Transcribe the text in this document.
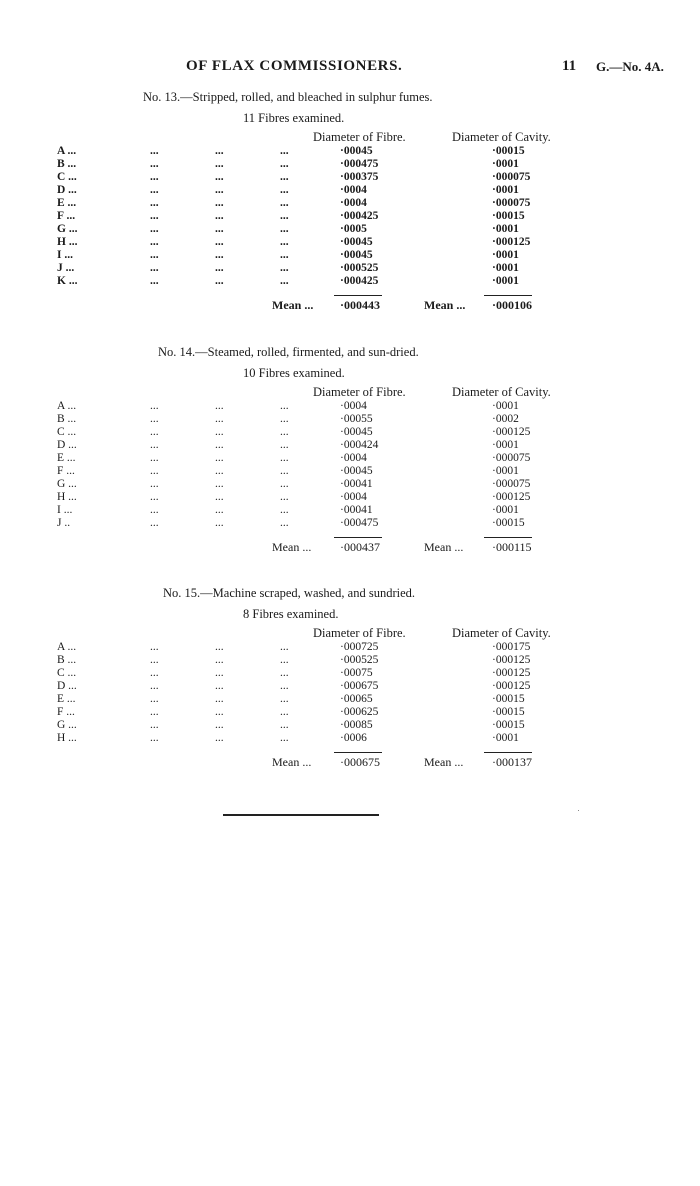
OF FLAX COMMISSIONERS.	11 G.—No. 4A.
No. 13.—Stripped, rolled, and bleached in sulphur fumes.
11 Fibres examined.
Diameter of Fibre.	Diameter of Cavity.
A ...	...	...	...	·00045	·00015
B ...	...	...	...	·000475	·0001
C ...	...	...	...	·000375	·000075
D ...	...	...	...	·0004	·0001
E ...	...	...	...	·0004	·000075
F ...	...	...	...	·000425	·00015
G ...	...	...	...	·0005	·0001
H ...	...	...	...	·00045	·000125
I ...	...	...	...	·00045	·0001
J ...	...	...	...	·000525	·0001
K ...	...	...	...	·000425	·0001
Mean ... ·000443	Mean ... ·000106
No. 14.—Steamed, rolled, firmented, and sun-dried.
10 Fibres examined.
Diameter of Fibre.	Diameter of Cavity.
A ...	...	...	...	·0004	·0001
B ...	...	...	...	·00055	·0002
C ...	...	...	...	·00045	·000125
D ...	...	...	...	·000424	·0001
E ...	...	...	...	·0004	·000075
F ...	...	...	...	·00045	·0001
G ...	...	...	...	·00041	·000075
H ...	...	...	...	·0004	·000125
I ...	...	...	...	·00041	·0001
J ..	...	...	...	·000475	·00015
Mean ... ·000437	Mean ... ·000115
No. 15.—Machine scraped, washed, and sundried.
8 Fibres examined.
Diameter of Fibre.	Diameter of Cavity.
A ...	...	...	...	·000725	·000175
B ...	...	...	...	·000525	·000125
C ...	...	...	...	·00075	·000125
D ...	...	...	...	·000675	·000125
E ...	...	...	...	·00065	·00015
F ...	...	...	...	·000625	·00015
G ...	...	...	...	·00085	·00015
H ...	...	...	...	·0006	·0001
Mean ... ·000675	Mean ... ·000137
